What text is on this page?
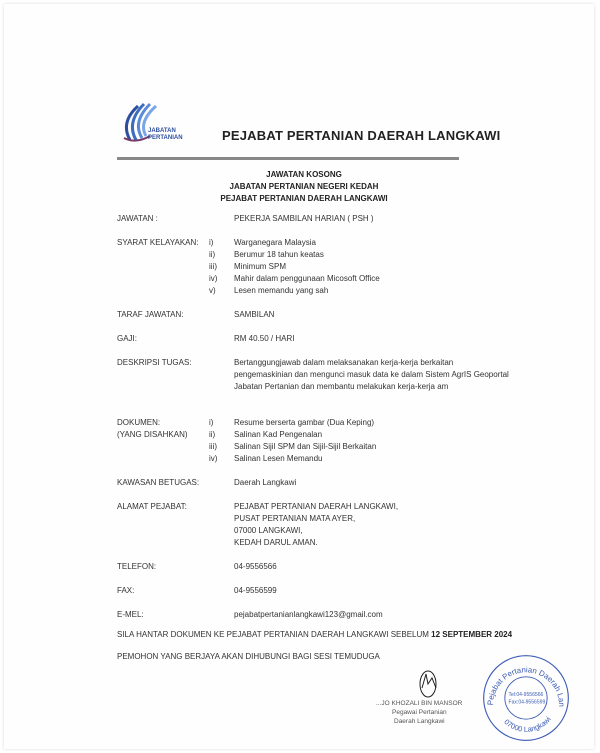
JABATAN
PERTANIAN	PEJABAT PERTANIAN DAERAH LANGKAWI
JAWATAN KOSONG
JABATAN PERTANIAN NEGERI KEDAH
PEJABAT PERTANIAN DAERAH LANGKAWI
JAWATAN :	PEKERJA SAMBILAN HARIAN ( PSH )
SYARAT KELAYAKAN: i)	Warganegara Malaysia
ii) Berumur 18 tahun keatas
iii) Minimum SPM
iv) Mahir dalam penggunaan Micosoft Office
v) Lesen memandu yang sah
TARAF JAWATAN:	SAMBILAN
GAJI:	RM 40.50 / HARI
DESKRIPSI TUGAS:	Bertanggungjawab dalam melaksanakan kerja-kerja berkaitan
pengemaskinian dan mengunci masuk data ke dalam Sistem AgrIS Geoportal
Jabatan Pertanian dan membantu melakukan kerja-kerja am
DOKUMEN:
(YANG DISAHKAN)
i)	Resume berserta gambar (Dua Keping)
ii) Salinan Kad Pengenalan
iii) Salinan Sijil SPM dan Sijil-Sijil Berkaitan
iv) Salinan Lesen Memandu
KAWASAN BETUGAS:	Daerah Langkawi
ALAMAT PEJABAT:	PEJABAT PERTANIAN DAERAH LANGKAWI,
PUSAT PERTANIAN MATA AYER,
07000 LANGKAWI,
KEDAH DARUL AMAN.
TELEFON:	04-9556566
FAX:	04-9556599
E-MEL:	pejabatpertanianlangkawi123@gmail.com
SILA HANTAR DOKUMEN KE PEJABAT PERTANIAN DAERAH LANGKAWI SEBELUM 12 SEPTEMBER 2024
PEMOHON YANG BERJAYA AKAN DIHUBUNGI BAGI SESI TEMUDUGA
...JO KHOZALI BIN MANSOR
Pegawai Pertanian
Daerah Langkawi
Pejabat Pertanian Daerah Lan
07000 Langkawi
Tel:04-9556566
Fax:04-9556599
